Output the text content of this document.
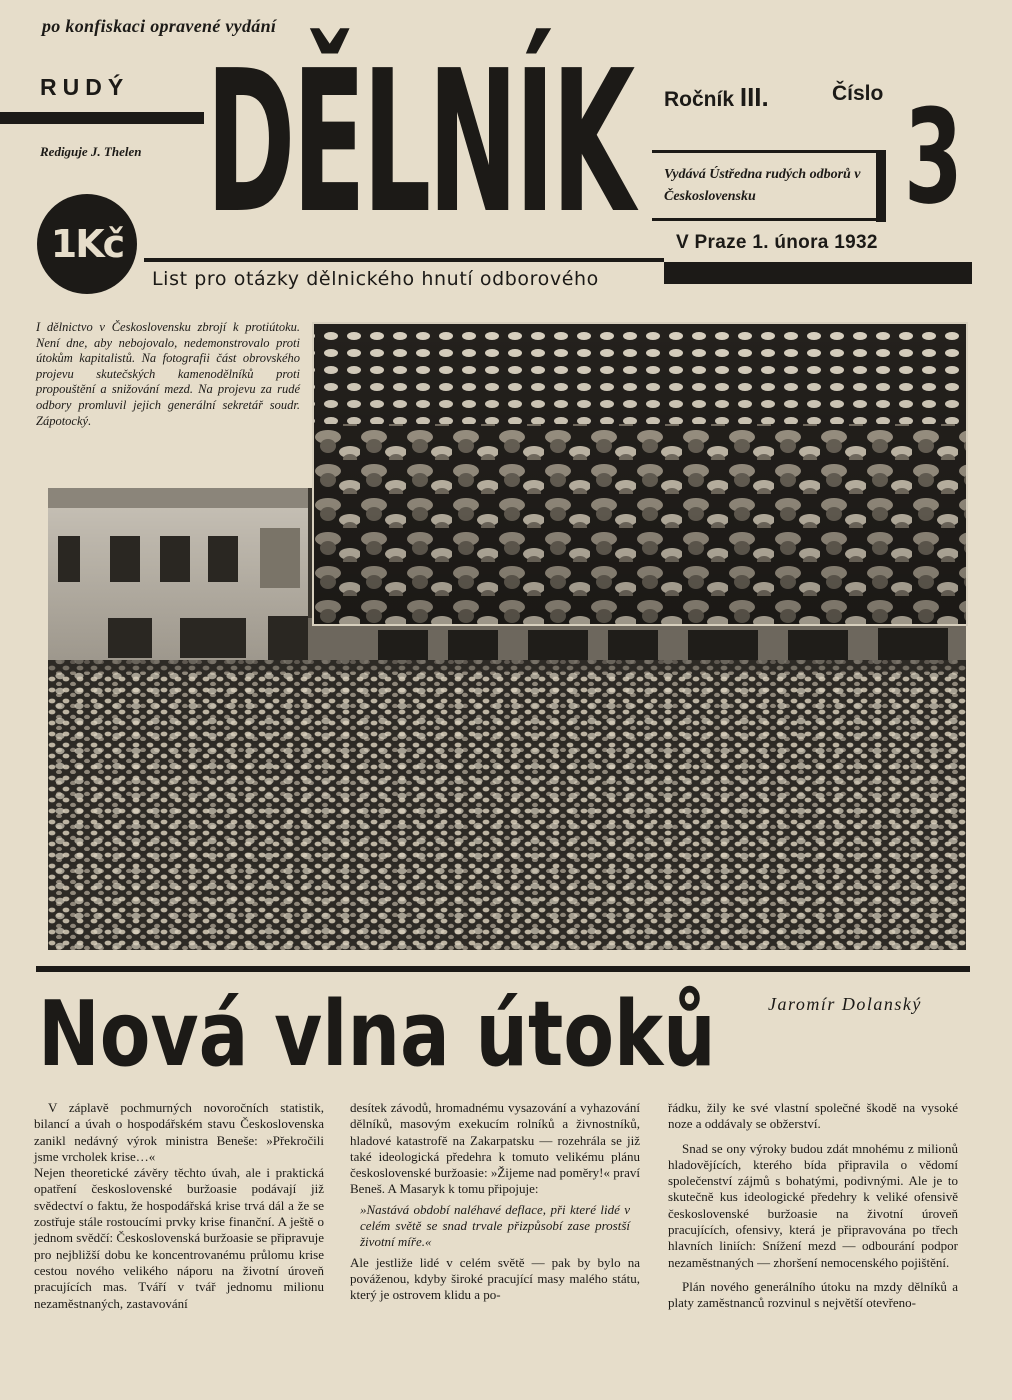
po konfiskaci opravené vydání
RUDÝ
Rediguje J. Thelen DĚLNÍK
1Kč
List pro otázky dělnického hnutí odborového
Ročník III.	Číslo 3
Vydává Ústředna rudých odborů v Československu
V Praze 1. února 1932
I dělnictvo v Československu zbrojí k protiútoku. Není dne, aby nebojovalo, nedemonstrovalo proti útokům kapitalistů. Na fotografii část obrovského projevu skutečských kamenodělníků proti propouštění a snižování mezd. Na projevu za rudé odbory promluvil jejich generální sekretář soudr. Zápotocký.
Jaromír Dolanský
Nová vlna útoků

V záplavě pochmurných novoročních statistik, bilancí a úvah o hospodářském stavu Československa zanikl nedávný výrok ministra Beneše: »Překročili jsme vrcholek krise…«

Nejen theoretické závěry těchto úvah, ale i praktická opatření československé buržoasie podávají již svědectví o faktu, že hospodářská krise trvá dál a že se zostřuje stále rostoucími prvky krise finanční. A ještě o jednom svědčí: Československá buržoasie se připravuje pro nejbližší dobu ke koncentrovanému průlomu krise cestou nového velikého náporu na životní úroveň pracujících mas. Tváří v tvář jednomu milionu nezaměstnaných, zastavování

desítek závodů, hromadnému vysazování a vyhazování dělníků, masovým exekucím rolníků a živnostníků, hladové katastrofě na Zakarpatsku — rozehrála se již také ideologická předehra k tomuto velikému plánu československé buržoasie: »Žijeme nad poměry!« praví Beneš. A Masaryk k tomu připojuje:

»Nastává období naléhavé deflace, při které lidé v celém světě se snad trvale přizpůsobí zase prostší životní míře.«

Ale jestliže lidé v celém světě — pak by bylo na pováženou, kdyby široké pracující masy malého státu, který je ostrovem klidu a po-

řádku, žily ke své vlastní společné škodě na vysoké noze a oddávaly se obžerství.

Snad se ony výroky budou zdát mnohému z milionů hladovějících, kterého bída připravila o vědomí společenství zájmů s bohatými, podivnými. Ale je to skutečně kus ideologické předehry k veliké ofensivě československé buržoasie na životní úroveň pracujících, ofensivy, která je připravována po třech hlavních liniích: Snížení mezd — odbourání podpor nezaměstnaných — zhoršení nemocenského pojištění.

Plán nového generálního útoku na mzdy dělníků a platy zaměstnanců rozvinul s největší otevřeno-
